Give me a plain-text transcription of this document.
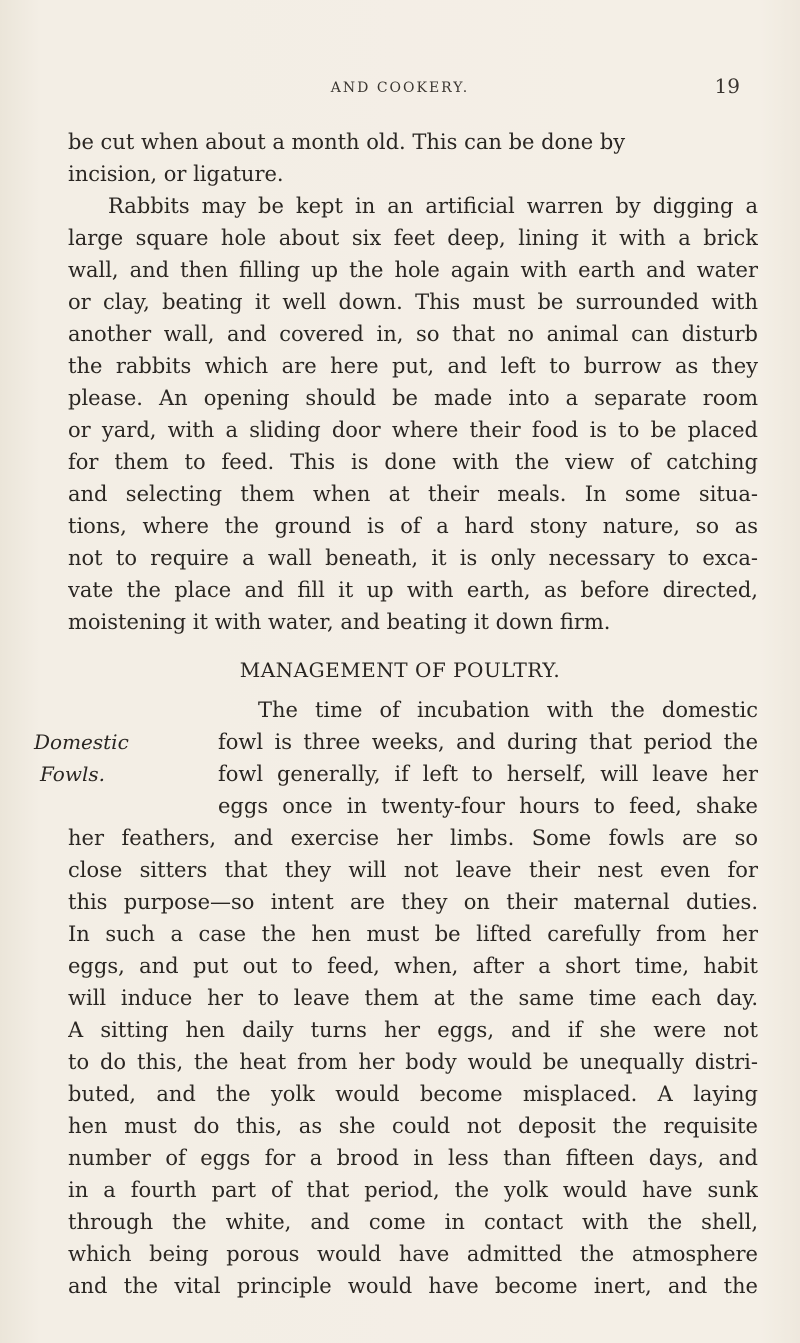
AND COOKERY.	19
be cut when about a month old. This can be done by
incision, or ligature.
Rabbits may be kept in an artificial warren by digging a
large square hole about six feet deep, lining it with a brick
wall, and then filling up the hole again with earth and water
or clay, beating it well down. This must be surrounded with
another wall, and covered in, so that no animal can disturb
the rabbits which are here put, and left to burrow as they
please. An opening should be made into a separate room
or yard, with a sliding door where their food is to be placed
for them to feed. This is done with the view of catching
and selecting them when at their meals. In some situa-
tions, where the ground is of a hard stony nature, so as
not to require a wall beneath, it is only necessary to exca-
vate the place and fill it up with earth, as before directed,
moistening it with water, and beating it down firm.
MANAGEMENT OF POULTRY.
Domestic
Fowls.
The time of incubation with the domestic
fowl is three weeks, and during that period the
fowl generally, if left to herself, will leave her
eggs once in twenty-four hours to feed, shake
her feathers, and exercise her limbs. Some fowls are so
close sitters that they will not leave their nest even for
this purpose—so intent are they on their maternal duties.
In such a case the hen must be lifted carefully from her
eggs, and put out to feed, when, after a short time, habit
will induce her to leave them at the same time each day.
A sitting hen daily turns her eggs, and if she were not
to do this, the heat from her body would be unequally distri-
buted, and the yolk would become misplaced. A laying
hen must do this, as she could not deposit the requisite
number of eggs for a brood in less than fifteen days, and
in a fourth part of that period, the yolk would have sunk
through the white, and come in contact with the shell,
which being porous would have admitted the atmosphere
and the vital principle would have become inert, and the
